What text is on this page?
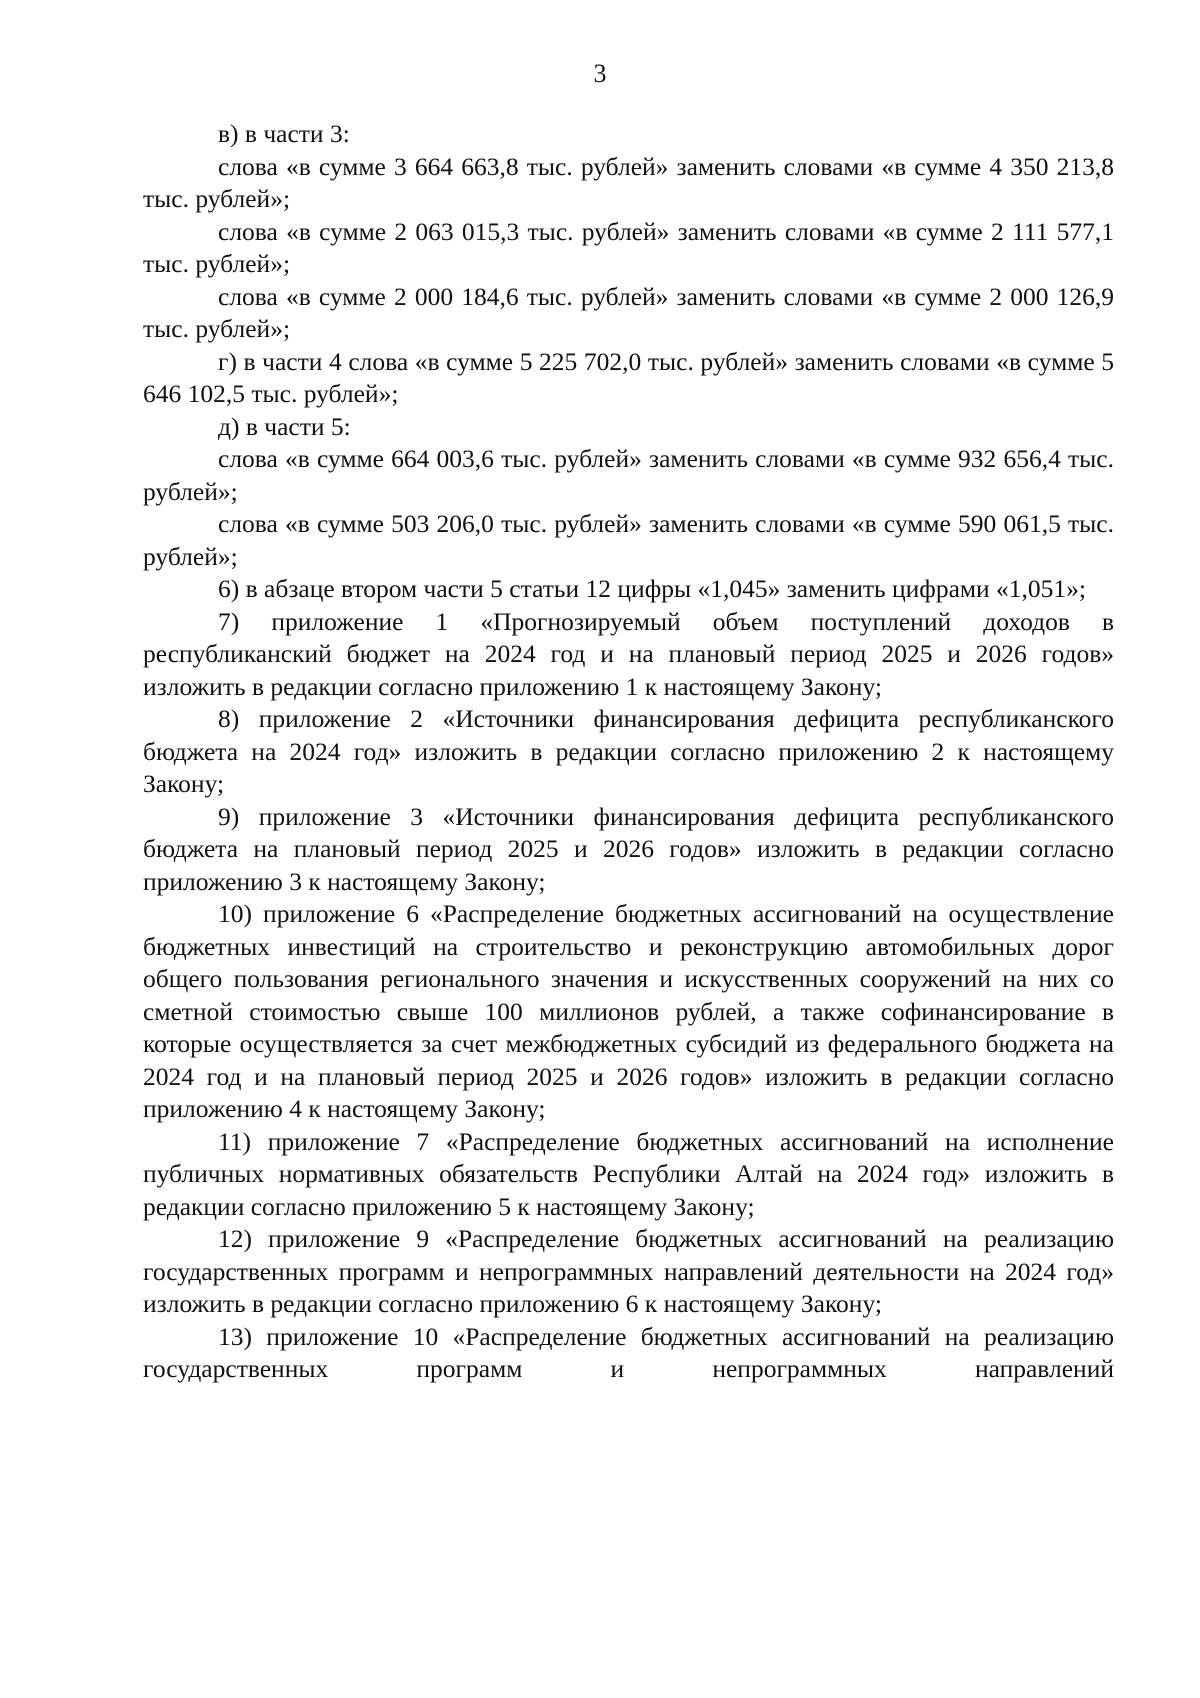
3

в) в части 3:

слова «в сумме 3 664 663,8 тыс. рублей» заменить словами «в сумме 4 350 213,8 тыс. рублей»;

слова «в сумме 2 063 015,3 тыс. рублей» заменить словами «в сумме 2 111 577,1 тыс. рублей»;

слова «в сумме 2 000 184,6 тыс. рублей» заменить словами «в сумме 2 000 126,9 тыс. рублей»;

г) в части 4 слова «в сумме 5 225 702,0 тыс. рублей» заменить словами «в сумме 5 646 102,5 тыс. рублей»;

д) в части 5:

слова «в сумме 664 003,6 тыс. рублей» заменить словами «в сумме 932 656,4 тыс. рублей»;

слова «в сумме 503 206,0 тыс. рублей» заменить словами «в сумме 590 061,5 тыс. рублей»;

6) в абзаце втором части 5 статьи 12 цифры «1,045» заменить цифрами «1,051»;

7) приложение 1 «Прогнозируемый объем поступлений доходов в республиканский бюджет на 2024 год и на плановый период 2025 и 2026 годов» изложить в редакции согласно приложению 1 к настоящему Закону;

8) приложение 2 «Источники финансирования дефицита республиканского бюджета на 2024 год» изложить в редакции согласно приложению 2 к настоящему Закону;

9) приложение 3 «Источники финансирования дефицита республиканского бюджета на плановый период 2025 и 2026 годов» изложить в редакции согласно приложению 3 к настоящему Закону;

10) приложение 6 «Распределение бюджетных ассигнований на осуществление бюджетных инвестиций на строительство и реконструкцию автомобильных дорог общего пользования регионального значения и искусственных сооружений на них со сметной стоимостью свыше 100 миллионов рублей, а также софинансирование в которые осуществляется за счет межбюджетных субсидий из федерального бюджета на 2024 год и на плановый период 2025 и 2026 годов» изложить в редакции согласно приложению 4 к настоящему Закону;

11) приложение 7 «Распределение бюджетных ассигнований на исполнение публичных нормативных обязательств Республики Алтай на 2024 год» изложить в редакции согласно приложению 5 к настоящему Закону;

12) приложение 9 «Распределение бюджетных ассигнований на реализацию государственных программ и непрограммных направлений деятельности на 2024 год» изложить в редакции согласно приложению 6 к настоящему Закону;

13) приложение 10 «Распределение бюджетных ассигнований на реализацию государственных программ и непрограммных направлений
